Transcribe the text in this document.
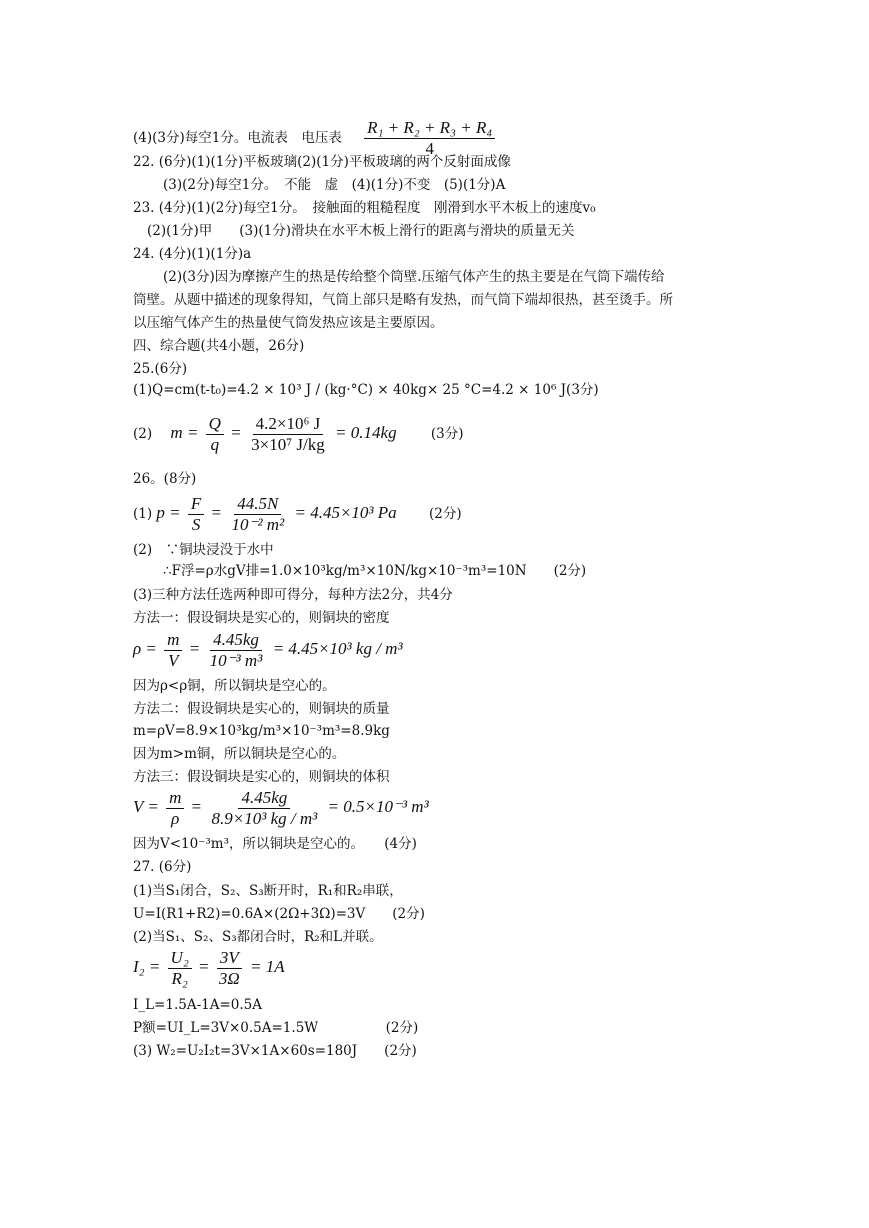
(4)(3分)每空1分。电流表　电压表 $\frac{\text{R₁ + R₂ + R₃ + R₄}}{4}$
22. (6分)(1)(1分)平板玻璃(2)(1分)平板玻璃的两个反射面成像
(3)(2分)每空1分。　不能　虚　(4)(1分)不变　(5)(1分)A
23. (4分)(1)(2分)每空1分。　接触面的粗糙程度　刚滑到水平木板上的速度v₀
(2)(1分)甲　　(3)(1分)滑块在水平木板上滑行的距离与滑块的质量无关
24. (4分)(1)(1分)a
(2)(3分)因为摩擦产生的热是传给整个筒壁.压缩气体产生的热主要是在气筒下端传给
筒壁。从题中描述的现象得知，气筒上部只是略有发热，而气筒下端却很热，甚至烫手。所
以压缩气体产生的热量使气筒发热应该是主要原因。
四、综合题(共4小题，26分)
25.(6分)
(1)Q=cm(t-t₀)=4.2 × 10³ J / (kg·°C) × 40kg× 25 °C=4.2 × 10⁶ J(3分)
(2) $m = \frac{Q}{q} = \frac{\text{4.2×10⁶ J}}{\text{3×10⁷ J/kg}} = 0.14kg$	(3分)
26。(8分)
(1) $p = \frac{F}{S} = \frac{44.5N}{\text{10⁻² m²}} = 4.45\times 10^3$ Pa (2分)
(2)　∵铜块浸没于水中
∴F浮=ρ水gV排=1.0×10³kg/m³×10N/kg×10⁻³m³=10N　　(2分)
(3)三种方法任选两种即可得分，每种方法2分，共4分
方法一：假设铜块是实心的，则铜块的密度
$\rho = \frac{m}{V} = \frac{4.45kg}{\text{10⁻³ m³}} = 4.45\times 10^3$ kg / m³
因为ρ<ρ铜，所以铜块是空心的。
方法二：假设铜块是实心的，则铜块的质量
m=ρV=8.9×10³kg/m³×10⁻³m³=8.9kg
因为m>m铜，所以铜块是空心的。
方法三：假设铜块是实心的，则铜块的体积
$V = \frac{m}{\rho} = \frac{4.45kg}{\text{8.9×10³ kg / m³}} = 0.5\times 10^{-3}$ m³
因为V<10⁻³m³，所以铜块是空心的。　　(4分)
27. (6分)
(1)当S₁闭合，S₂、S₃断开时，R₁和R₂串联，
U=I(R1+R2)=0.6A×(2Ω+3Ω)=3V　　(2分)
(2)当S₁、S₂、S₃都闭合时，R₂和L并联。
$I_2 = \frac{\text{U₂}}{\text{R₂}} = \frac{3V}{3\Omega} = 1A$
I_L=1.5A-1A=0.5A
P额=UI_L=3V×0.5A=1.5W　　　　　(2分)
(3) W₂=U₂I₂t=3V×1A×60s=180J　　(2分)
